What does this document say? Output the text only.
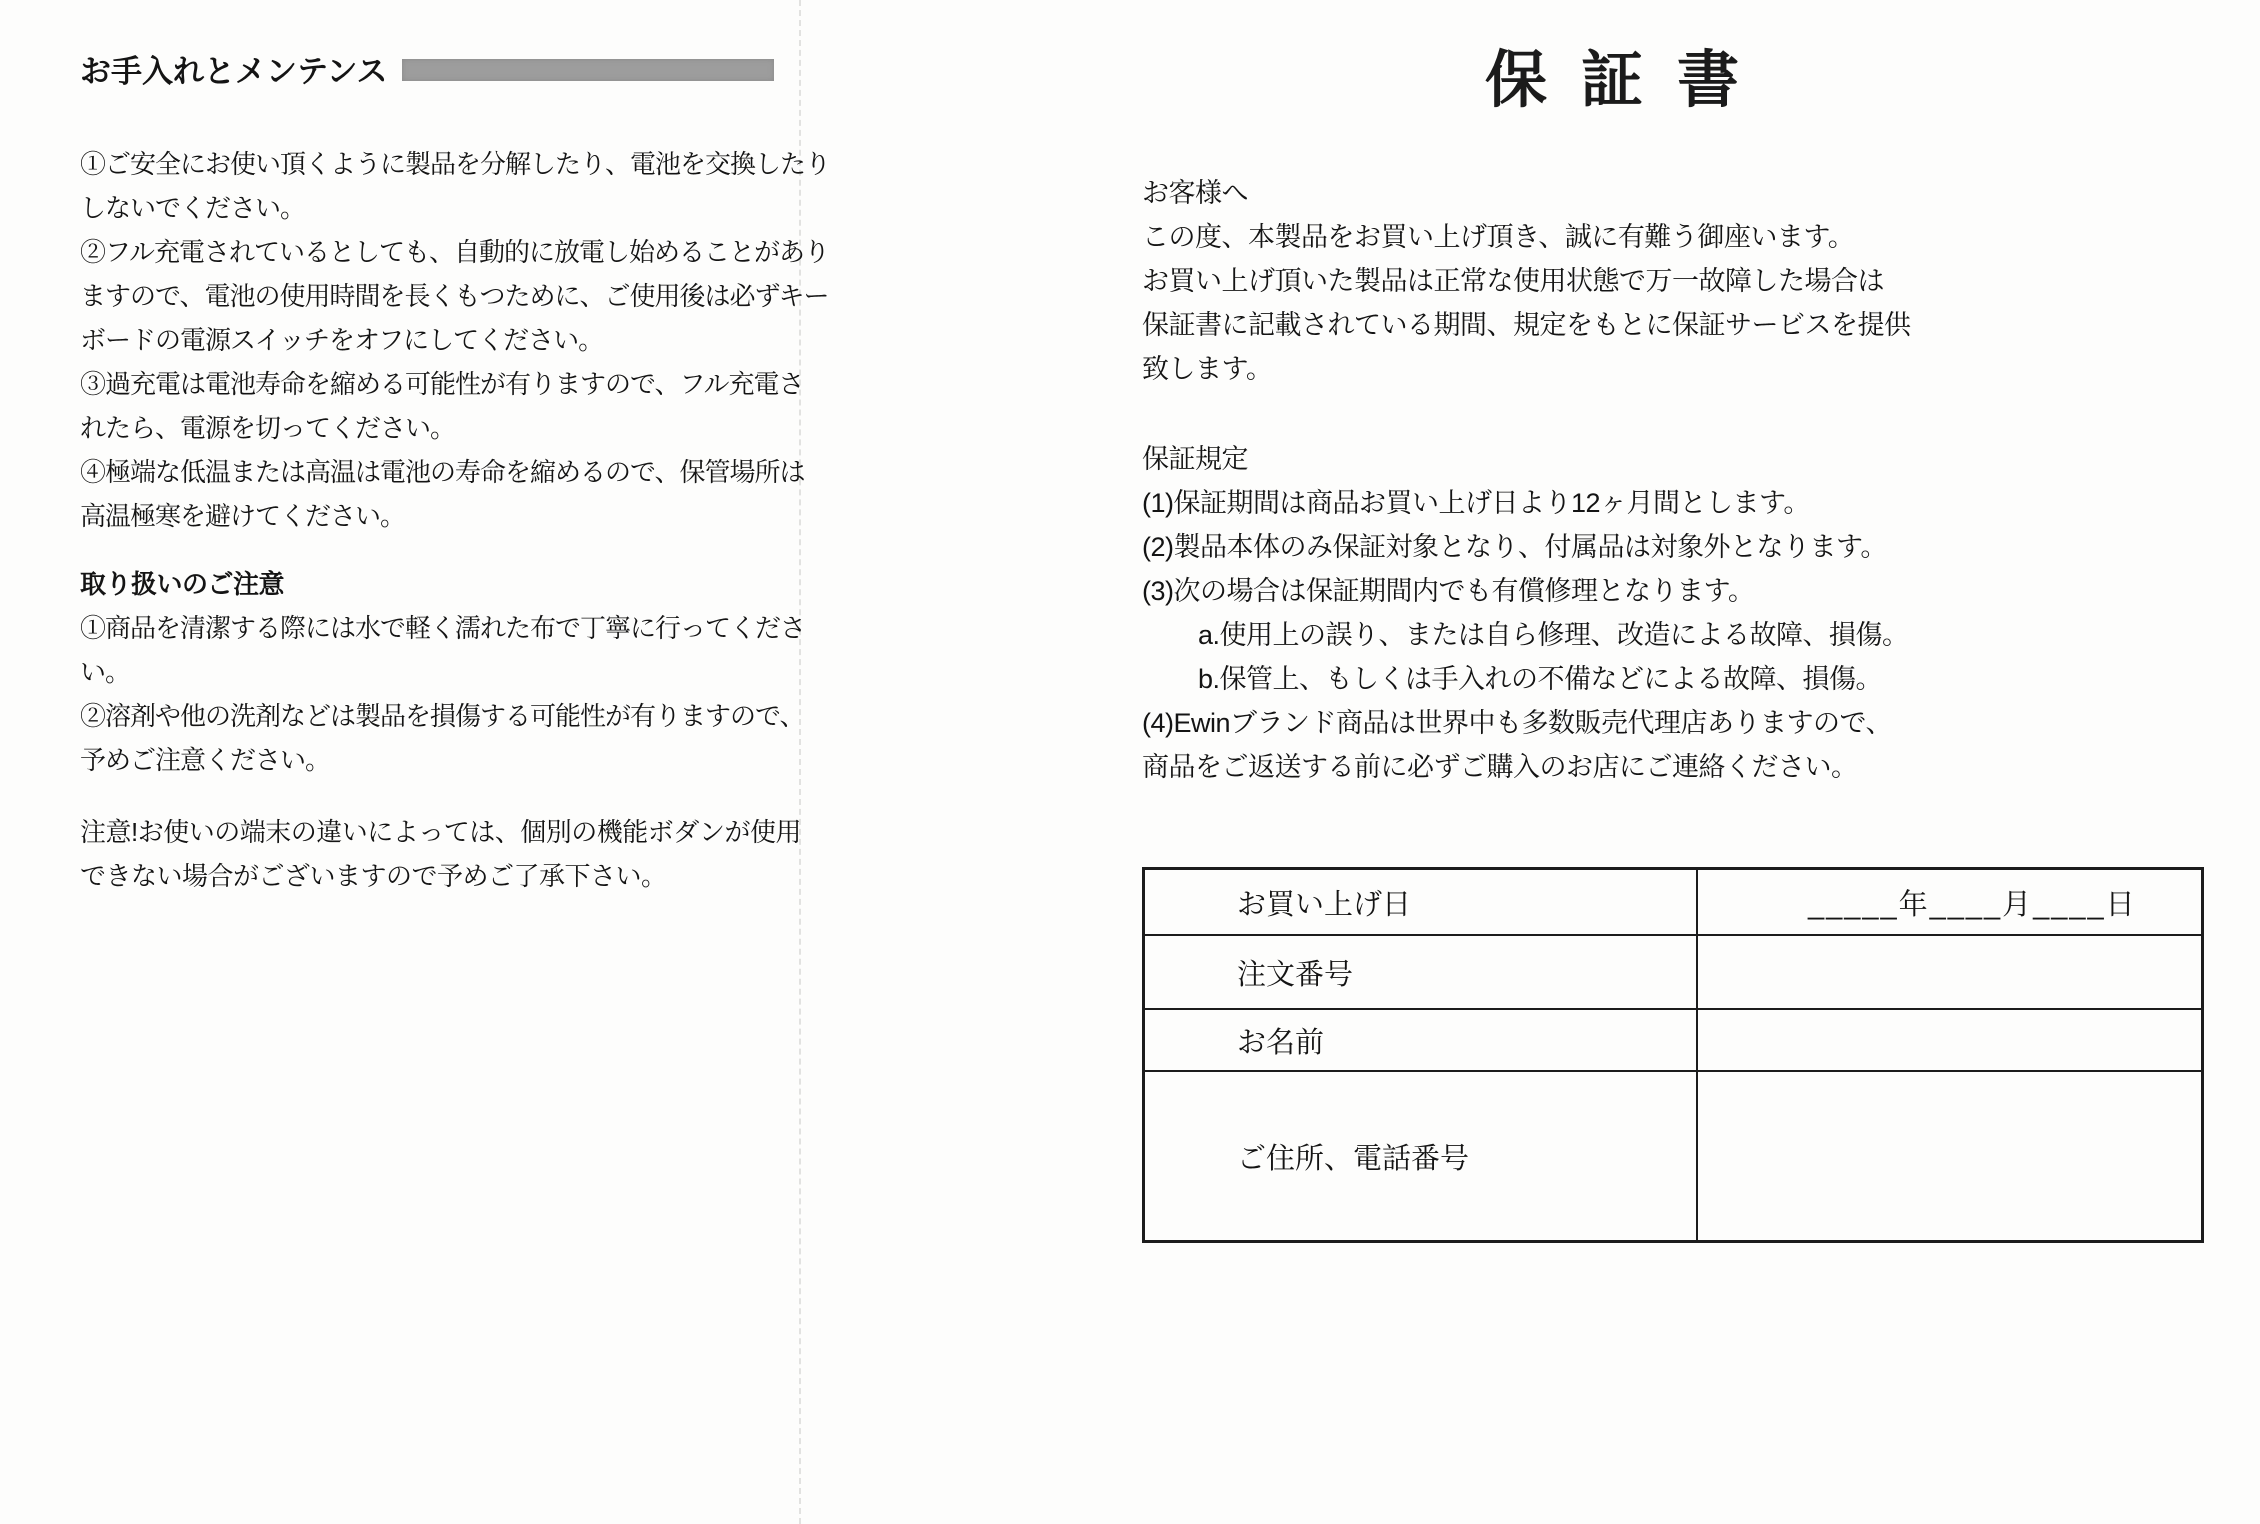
お手入れとメンテンス
①ご安全にお使い頂くように製品を分解したり、電池を交換したり
しないでください。
②フル充電されているとしても、自動的に放電し始めることがあり
ますので、電池の使用時間を長くもつために、ご使用後は必ずキー
ボードの電源スイッチをオフにしてください。
③過充電は電池寿命を縮める可能性が有りますので、フル充電さ
れたら、電源を切ってください。
④極端な低温または高温は電池の寿命を縮めるので、保管場所は
高温極寒を避けてください。
取り扱いのご注意
①商品を清潔する際には水で軽く濡れた布で丁寧に行ってくださ
い。
②溶剤や他の洗剤などは製品を損傷する可能性が有りますので、
予めご注意ください。
注意!お使いの端末の違いによっては、個別の機能ボダンが使用
できない場合がございますので予めご了承下さい。
保証書
お客様へ
この度、本製品をお買い上げ頂き、誠に有難う御座います。
お買い上げ頂いた製品は正常な使用状態で万一故障した場合は
保証書に記載されている期間、規定をもとに保証サービスを提供
致します。
保証規定
(1)保証期間は商品お買い上げ日より12ヶ月間とします。
(2)製品本体のみ保証対象となり、付属品は対象外となります。
(3)次の場合は保証期間内でも有償修理となります。
a.使用上の誤り、または自ら修理、改造による故障、損傷。
b.保管上、もしくは手入れの不備などによる故障、損傷。
(4)Ewinブランド商品は世界中も多数販売代理店ありますので、
商品をご返送する前に必ずご購入のお店にご連絡ください。
お買い上げ日	_____年____月____日
注文番号	
お名前	
ご住所、電話番号	
